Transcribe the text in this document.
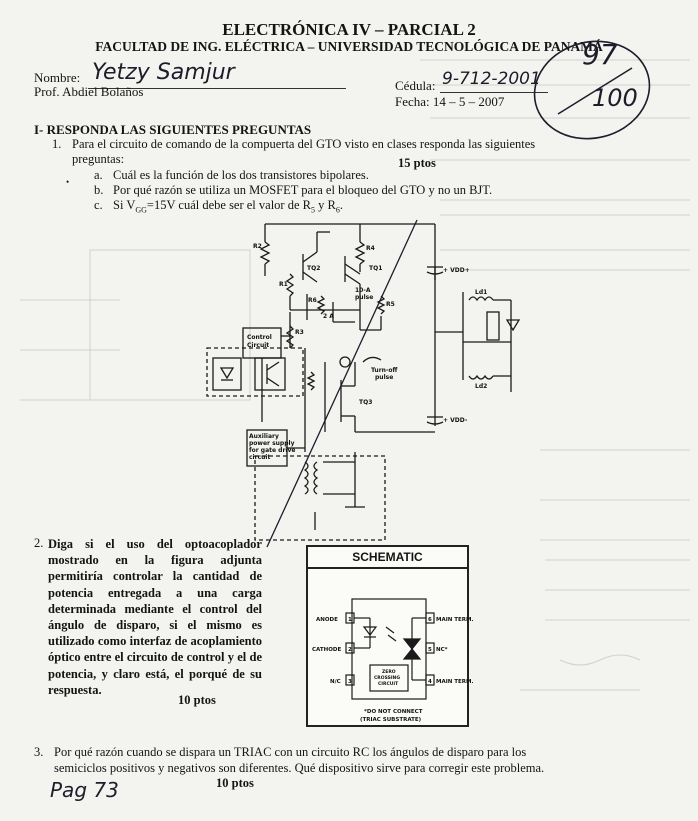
ELECTRÓNICA IV – PARCIAL 2
FACULTAD DE ING. ELÉCTRICA – UNIVERSIDAD TECNOLÓGICA DE PANAMÁ
Nombre: Yetzy Samjur
Prof. Abdiel Bolaños	Cédula: 9-712-2001
Fecha: 14 – 5 – 2007
97
100
I- RESPONDA LAS SIGUIENTES PREGUNTAS
1. Para el circuito de comando de la compuerta del GTO visto en clases responda las siguientes
preguntas:	15 ptos
a. Cuál es la función de los dos transistores bipolares.
•
b. Por qué razón se utiliza un MOSFET para el bloqueo del GTO y no un BJT.
c. Si $V_{GG}=15V$ cuál debe ser el valor de $R_5$ y $R_6$.
R2	R4
TQ2	TQ1
R1
10-A
pulse
R6
R5
2 A
Control
Circuit
R3
Turn-off
pulse
TQ3
+ VDD+
+ VDD-
Auxiliary
power supply
for gate drive
circuit
Ld1
Ld2
2. Diga si el uso del optoacoplador mostrado en la figura adjunta permitiría controlar la cantidad de potencia entregada a una carga determinada mediante el control del ángulo de disparo, si el mismo es utilizado como interfaz de acoplamiento óptico entre el circuito de control y el de potencia, y claro está, el porqué de su respuesta.
10 ptos
SCHEMATIC
ANODE
CATHODE
N/C
1
2
3	4
5
6 MAIN TERM.
NC*
MAIN TERM.
ZERO
CROSSING
CIRCUIT
*DO NOT CONNECT
(TRIAC SUBSTRATE)
3. Por qué razón cuando se dispara un TRIAC con un circuito RC los ángulos de disparo para los
semiciclos positivos y negativos son diferentes. Qué dispositivo sirve para corregir este problema.
10 ptos
Pag 73
